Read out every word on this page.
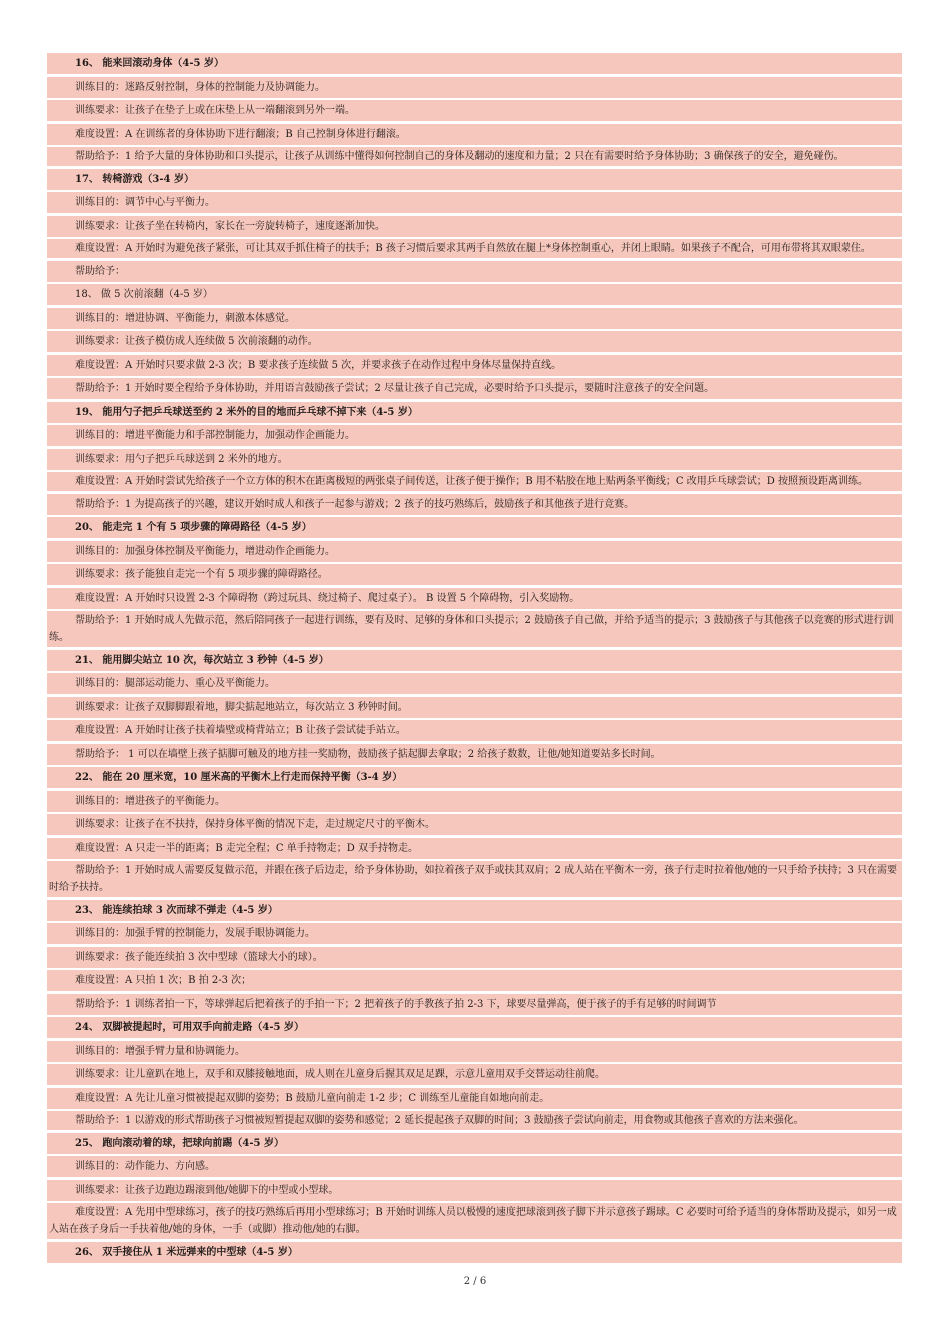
16、 能来回滚动身体（4-5 岁）
训练目的：迷路反射控制，身体的控制能力及协调能力。
训练要求：让孩子在垫子上或在床垫上从一端翻滚到另外一端。
难度设置：A 在训练者的身体协助下进行翻滚；B 自己控制身体进行翻滚。
帮助给予：1 给予大量的身体协助和口头提示，让孩子从训练中懂得如何控制自己的身体及翻动的速度和力量；2 只在有需要时给予身体协助；3 确保孩子的安全，避免碰伤。
17、 转椅游戏（3-4 岁）
训练目的：调节中心与平衡力。
训练要求：让孩子坐在转椅内，家长在一旁旋转椅子，速度逐渐加快。
难度设置：A 开始时为避免孩子紧张，可让其双手抓住椅子的扶手；B 孩子习惯后要求其两手自然放在腿上*身体控制重心，并闭上眼睛。如果孩子不配合，可用布带将其双眼蒙住。
帮助给予：
18、 做 5 次前滚翻（4-5 岁）
训练目的：增进协调、平衡能力，刺激本体感觉。
训练要求：让孩子模仿成人连续做 5 次前滚翻的动作。
难度设置：A 开始时只要求做 2-3 次；B 要求孩子连续做 5 次，并要求孩子在动作过程中身体尽量保持直线。
帮助给予：1 开始时要全程给予身体协助，并用语言鼓励孩子尝试；2 尽量让孩子自己完成，必要时给予口头提示，要随时注意孩子的安全问题。
19、 能用勺子把乒乓球送至约 2 米外的目的地而乒乓球不掉下来（4-5 岁）
训练目的：增进平衡能力和手部控制能力，加强动作企画能力。
训练要求：用勺子把乒乓球送到 2 米外的地方。
难度设置：A 开始时尝试先给孩子一个立方体的积木在距离极短的两张桌子间传送，让孩子便于操作；B 用不粘胶在地上贴两条平衡线；C 改用乒乓球尝试；D 按照预设距离训练。
帮助给予：1 为提高孩子的兴趣，建议开始时成人和孩子一起参与游戏；2 孩子的技巧熟练后，鼓励孩子和其他孩子进行竞赛。
20、 能走完 1 个有 5 项步骤的障碍路径（4-5 岁）
训练目的：加强身体控制及平衡能力，增进动作企画能力。
训练要求：孩子能独自走完一个有 5 项步骤的障碍路径。
难度设置：A 开始时只设置 2-3 个障碍物（跨过玩具、绕过椅子、爬过桌子）。 B 设置 5 个障碍物，引入奖励物。
帮助给予：1 开始时成人先做示范，然后陪同孩子一起进行训练，要有及时、足够的身体和口头提示；2 鼓励孩子自己做，并给予适当的提示；3 鼓励孩子与其他孩子以竞赛的形式进行训练。
21、 能用脚尖站立 10 次，每次站立 3 秒钟（4-5 岁）
训练目的：腿部运动能力、重心及平衡能力。
训练要求：让孩子双脚脚跟着地，脚尖掂起地站立，每次站立 3 秒钟时间。
难度设置：A 开始时让孩子扶着墙壁或椅背站立；B 让孩子尝试徒手站立。
帮助给予： 1 可以在墙壁上孩子掂脚可触及的地方挂一奖励物，鼓励孩子掂起脚去拿取；2 给孩子数数，让他/她知道要站多长时间。
22、 能在 20 厘米宽，10 厘米高的平衡木上行走而保持平衡（3-4 岁）
训练目的：增进孩子的平衡能力。
训练要求：让孩子在不扶持，保持身体平衡的情况下走，走过规定尺寸的平衡木。
难度设置：A 只走一半的距离；B 走完全程；C 单手持物走；D 双手持物走。
帮助给予：1 开始时成人需要反复做示范，并跟在孩子后边走，给予身体协助，如拉着孩子双手或扶其双肩；2 成人站在平衡木一旁，孩子行走时拉着他/她的一只手给予扶持；3 只在需要时给予扶持。
23、 能连续拍球 3 次而球不弹走（4-5 岁）
训练目的：加强手臂的控制能力，发展手眼协调能力。
训练要求：孩子能连续拍 3 次中型球（篮球大小的球）。
难度设置：A 只拍 1 次；B 拍 2-3 次；
帮助给予：1 训练者拍一下，等球弹起后把着孩子的手拍一下；2 把着孩子的手教孩子拍 2-3 下，球要尽量弹高，便于孩子的手有足够的时间调节
24、 双脚被提起时，可用双手向前走路（4-5 岁）
训练目的：增强手臂力量和协调能力。
训练要求：让儿童趴在地上，双手和双膝接触地面，成人则在儿童身后握其双足足踝，示意儿童用双手交替运动往前爬。
难度设置：A 先让儿童习惯被提起双脚的姿势；B 鼓励儿童向前走 1-2 步；C 训练至儿童能自如地向前走。
帮助给予：1 以游戏的形式帮助孩子习惯被短暂提起双脚的姿势和感觉；2 延长提起孩子双脚的时间；3 鼓励孩子尝试向前走，用食物或其他孩子喜欢的方法来强化。
25、 跑向滚动着的球，把球向前踢（4-5 岁）
训练目的：动作能力、方向感。
训练要求：让孩子边跑边踢滚到他/她脚下的中型或小型球。
难度设置：A 先用中型球练习，孩子的技巧熟练后再用小型球练习；B 开始时训练人员以极慢的速度把球滚到孩子脚下并示意孩子踢球。C 必要时可给予适当的身体帮助及提示，如另一成人站在孩子身后一手扶着他/她的身体，一手（或脚）推动他/她的右脚。
26、 双手接住从 1 米远弹来的中型球（4-5 岁）
2 / 6
